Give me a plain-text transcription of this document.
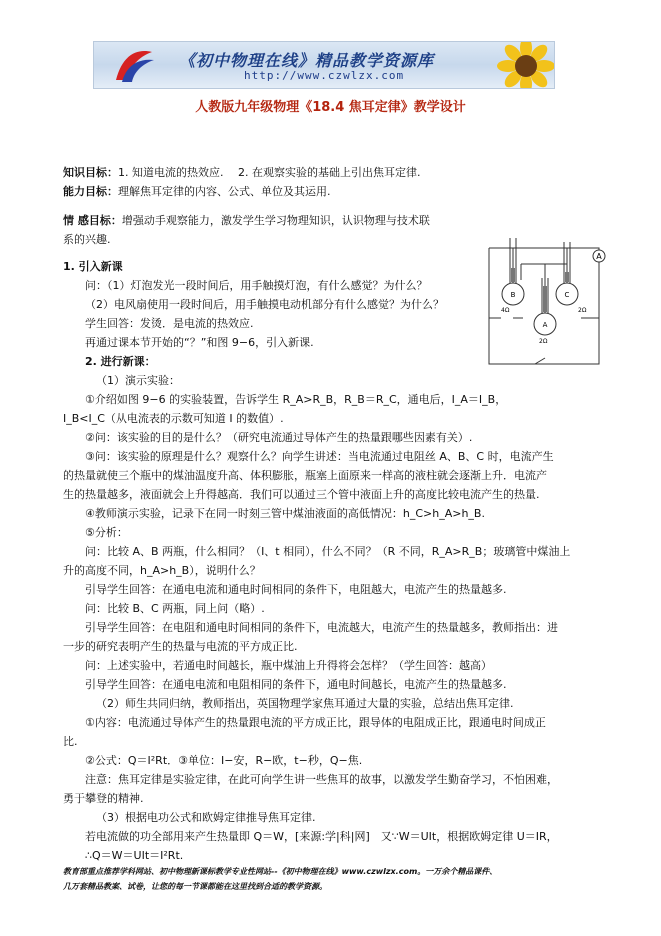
《初中物理在线》精品教学资源库
http://www.czwlzx.com
人教版九年级物理《18.4 焦耳定律》教学设计
知识目标：1. 知道电流的热效应.　 2. 在观察实验的基础上引出焦耳定律.
能力目标：理解焦耳定律的内容、公式、单位及其运用.
情 感目标：增强动手观察能力，激发学生学习物理知识，认识物理与技术联
系的兴趣.
1. 引入新课
问：（1）灯泡发光一段时间后，用手触摸灯泡，有什么感觉？为什么？
（2）电风扇使用一段时间后，用手触摸电动机部分有什么感觉？为什么？
学生回答：发烫．是电流的热效应.
再通过课本节开始的“？”和图 9−6，引入新课.
2. 进行新课：
（1）演示实验：
①介绍如图 9−6 的实验装置，告诉学生 R_A>R_B，R_B＝R_C，通电后，I_A＝I_B，
I_B<I_C（从电流表的示数可知道 I 的数值）.
②问：该实验的目的是什么？（研究电流通过导体产生的热量跟哪些因素有关）.
③问：该实验的原理是什么？观察什么？向学生讲述：当电流通过电阻丝 A、B、C 时，电流产生
的热量就使三个瓶中的煤油温度升高、体积膨胀，瓶塞上面原来一样高的液柱就会逐渐上升．电流产
生的热量越多，液面就会上升得越高．我们可以通过三个管中液面上升的高度比较电流产生的热量.
④教师演示实验，记录下在同一时刻三管中煤油液面的高低情况：h_C>h_A>h_B.
⑤分析：
问：比较 A、B 两瓶，什么相同？（I、t 相同），什么不同？（R 不同，R_A>R_B；玻璃管中煤油上
升的高度不同，h_A>h_B），说明什么？
引导学生回答：在通电电流和通电时间相同的条件下，电阻越大，电流产生的热量越多.
问：比较 B、C 两瓶，同上问（略）.
引导学生回答：在电阻和通电时间相同的条件下，电流越大，电流产生的热量越多，教师指出：进
一步的研究表明产生的热量与电流的平方成正比.
问：上述实验中，若通电时间越长，瓶中煤油上升得将会怎样？（学生回答：越高）
引导学生回答：在通电电流和电阻相同的条件下，通电时间越长，电流产生的热量越多.
（2）师生共同归纳，教师指出，英国物理学家焦耳通过大量的实验，总结出焦耳定律.
①内容：电流通过导体产生的热量跟电流的平方成正比，跟导体的电阻成正比，跟通电时间成正
比.
②公式：Q＝I²Rt．③单位：I−安，R−欧，t−秒，Q−焦.
注意：焦耳定律是实验定律，在此可向学生讲一些焦耳的故事，以激发学生勤奋学习，不怕困难，
勇于攀登的精神.
（3）根据电功公式和欧姆定律推导焦耳定律.
若电流做的功全部用来产生热量即 Q＝W，[来源:学|科|网]　又∵W＝UIt，根据欧姆定律 U＝IR，
∴Q＝W＝UIt＝I²Rt.
A
B	C
A
4Ω	2Ω
2Ω
教育部重点推荐学科网站、初中物理新课标教学专业性网站--《初中物理在线》www.czwlzx.com。一万余个精品课件、
几万套精品教案、试卷，让您的每一节课都能在这里找到合适的教学资源。
